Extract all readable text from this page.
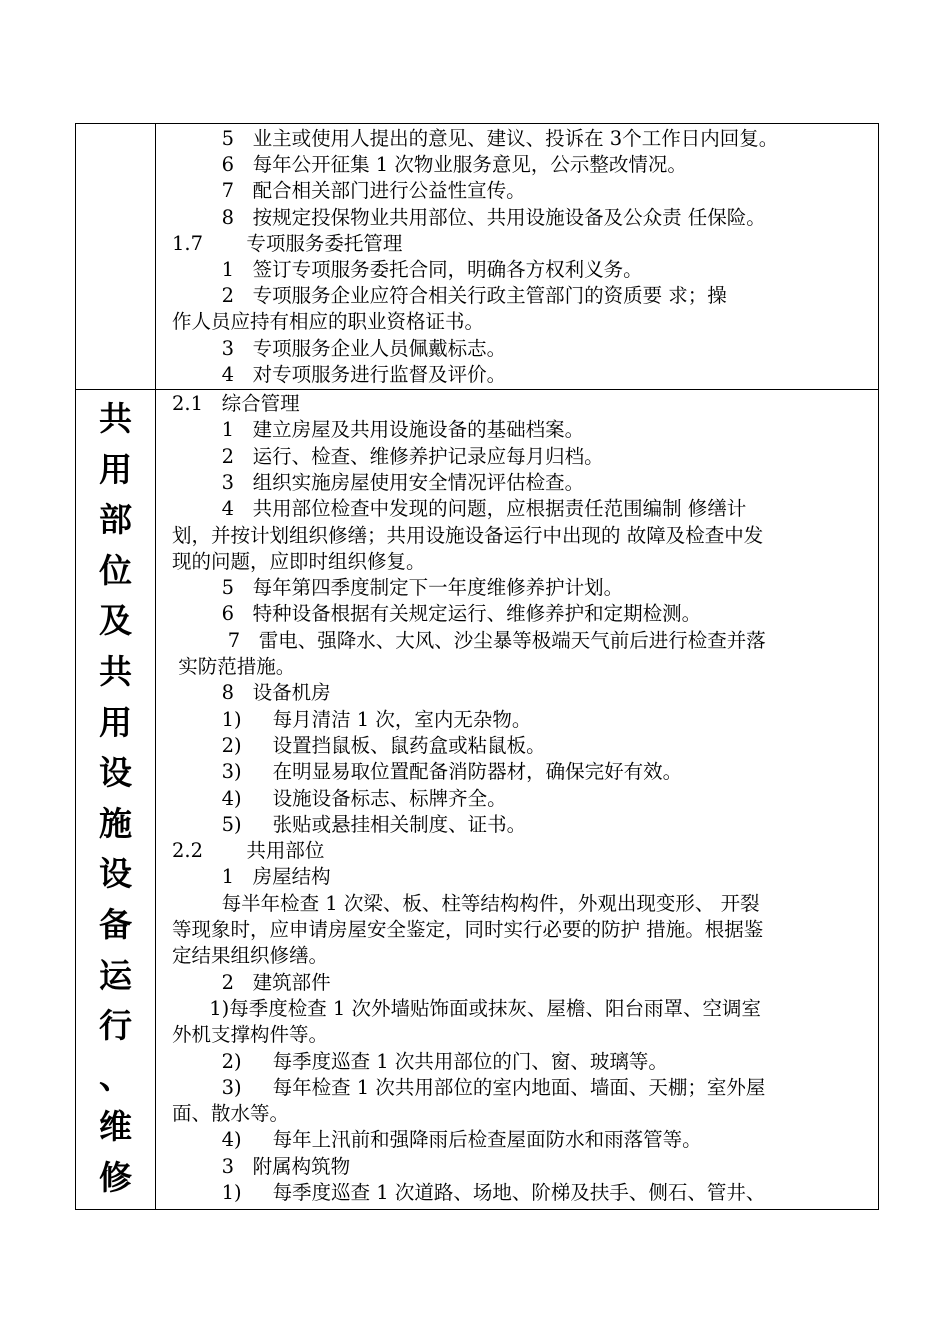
共
用
部
位
及
共
用
设
施
设
备
运
行
、
维
修
5   业主或使用人提出的意见、建议、投诉在 3个工作日内回复。
6   每年公开征集 1 次物业服务意见，公示整改情况。
7   配合相关部门进行公益性宣传。
8   按规定投保物业共用部位、共用设施设备及公众责 任保险。
1.7       专项服务委托管理
1   签订专项服务委托合同，明确各方权利义务。
2   专项服务企业应符合相关行政主管部门的资质要 求；操
作人员应持有相应的职业资格证书。
3   专项服务企业人员佩戴标志。
4   对专项服务进行监督及评价。
2.1   综合管理
1   建立房屋及共用设施设备的基础档案。
2   运行、检查、维修养护记录应每月归档。
3   组织实施房屋使用安全情况评估检查。
4   共用部位检查中发现的问题，应根据责任范围编制 修缮计
划，并按计划组织修缮；共用设施设备运行中出现的 故障及检查中发
现的问题，应即时组织修复。
5   每年第四季度制定下一年度维修养护计划。
6   特种设备根据有关规定运行、维修养护和定期检测。
7   雷电、强降水、大风、沙尘暴等极端天气前后进行检查并落
实防范措施。
8   设备机房
1)     每月清洁 1 次，室内无杂物。
2)     设置挡鼠板、鼠药盒或粘鼠板。
3)     在明显易取位置配备消防器材，确保完好有效。
4)     设施设备标志、标牌齐全。
5)     张贴或悬挂相关制度、证书。
2.2       共用部位
1   房屋结构
每半年检查 1 次梁、板、柱等结构构件，外观出现变形、 开裂
等现象时，应申请房屋安全鉴定，同时实行必要的防护 措施。根据鉴
定结果组织修缮。
2   建筑部件
1)每季度检查 1 次外墙贴饰面或抹灰、屋檐、阳台雨罩、空调室
外机支撑构件等。
2)     每季度巡查 1 次共用部位的门、窗、玻璃等。
3)     每年检查 1 次共用部位的室内地面、墙面、天棚；室外屋
面、散水等。
4)     每年上汛前和强降雨后检查屋面防水和雨落管等。
3   附属构筑物
1)     每季度巡查 1 次道路、场地、阶梯及扶手、侧石、管井、
